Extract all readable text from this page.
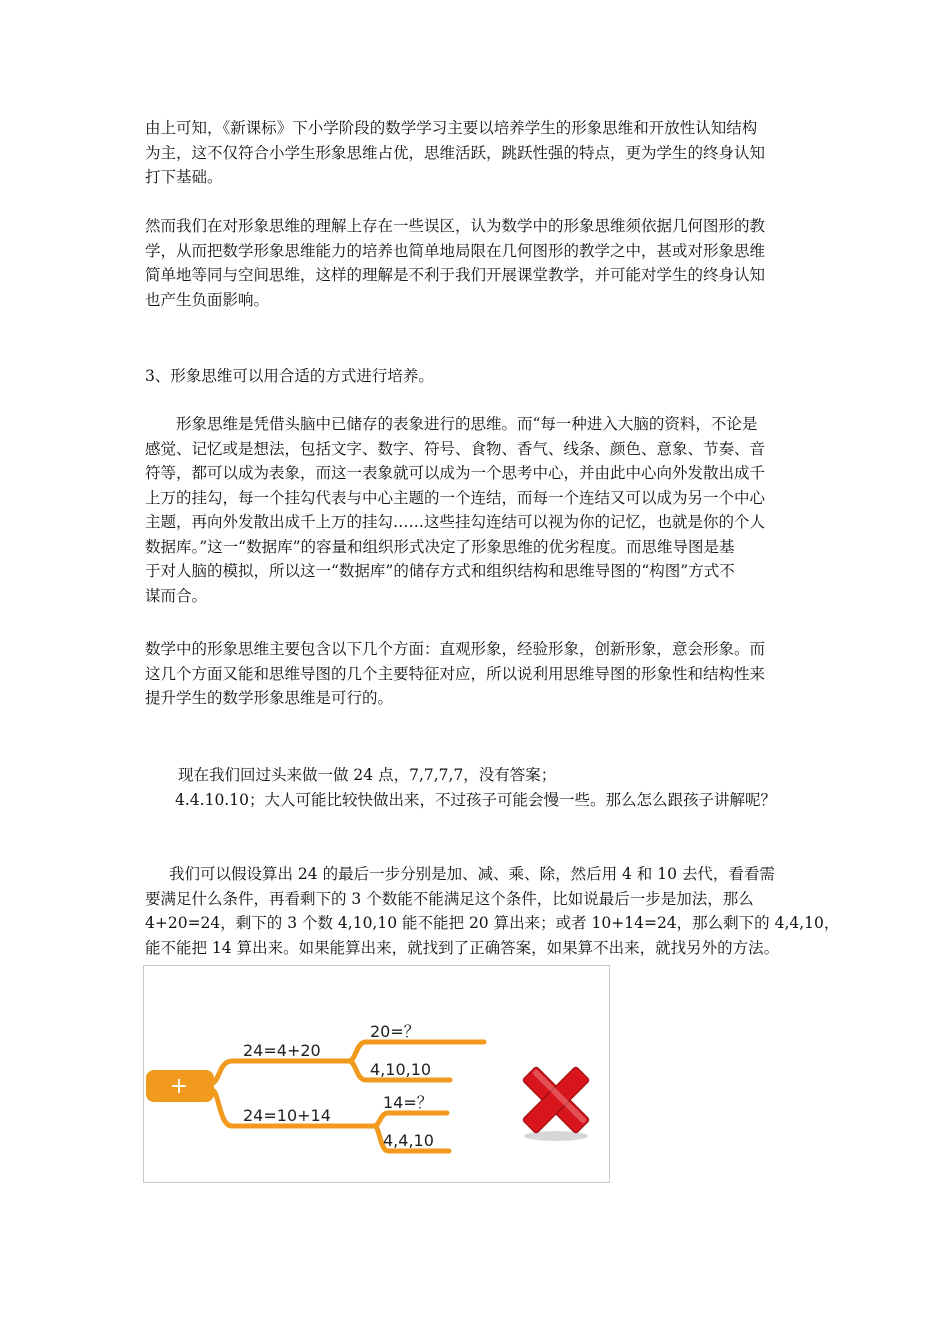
由上可知，《新课标》下小学阶段的数学学习主要以培养学生的形象思维和开放性认知结构
为主，这不仅符合小学生形象思维占优，思维活跃，跳跃性强的特点，更为学生的终身认知
打下基础。
然而我们在对形象思维的理解上存在一些误区，认为数学中的形象思维须依据几何图形的教
学，从而把数学形象思维能力的培养也简单地局限在几何图形的教学之中，甚或对形象思维
简单地等同与空间思维，这样的理解是不利于我们开展课堂教学，并可能对学生的终身认知
也产生负面影响。
3、形象思维可以用合适的方式进行培养。
形象思维是凭借头脑中已储存的表象进行的思维。而“每一种进入大脑的资料，不论是
感觉、记忆或是想法，包括文字、数字、符号、食物、香气、线条、颜色、意象、节奏、音
符等，都可以成为表象，而这一表象就可以成为一个思考中心，并由此中心向外发散出成千
上万的挂勾，每一个挂勾代表与中心主题的一个连结，而每一个连结又可以成为另一个中心
主题，再向外发散出成千上万的挂勾……这些挂勾连结可以视为你的记忆，也就是你的个人
数据库。”这一“数据库”的容量和组织形式决定了形象思维的优劣程度。而思维导图是基
于对人脑的模拟，所以这一“数据库”的储存方式和组织结构和思维导图的“构图”方式不
谋而合。
数学中的形象思维主要包含以下几个方面：直观形象，经验形象，创新形象，意会形象。而
这几个方面又能和思维导图的几个主要特征对应，所以说利用思维导图的形象性和结构性来
提升学生的数学形象思维是可行的。
现在我们回过头来做一做 24 点，7,7,7,7，没有答案；
4.4.10.10；大人可能比较快做出来，不过孩子可能会慢一些。那么怎么跟孩子讲解呢？
我们可以假设算出 24 的最后一步分别是加、减、乘、除，然后用 4 和 10 去代，看看需
要满足什么条件，再看剩下的 3 个数能不能满足这个条件，比如说最后一步是加法，那么
4+20=24，剩下的 3 个数 4,10,10 能不能把 20 算出来；或者 10+14=24，那么剩下的 4,4,10，
能不能把 14 算出来。如果能算出来，就找到了正确答案，如果算不出来，就找另外的方法。
+
24=4+20
24=10+14
20=？
4,10,10
14=？
4,4,10
